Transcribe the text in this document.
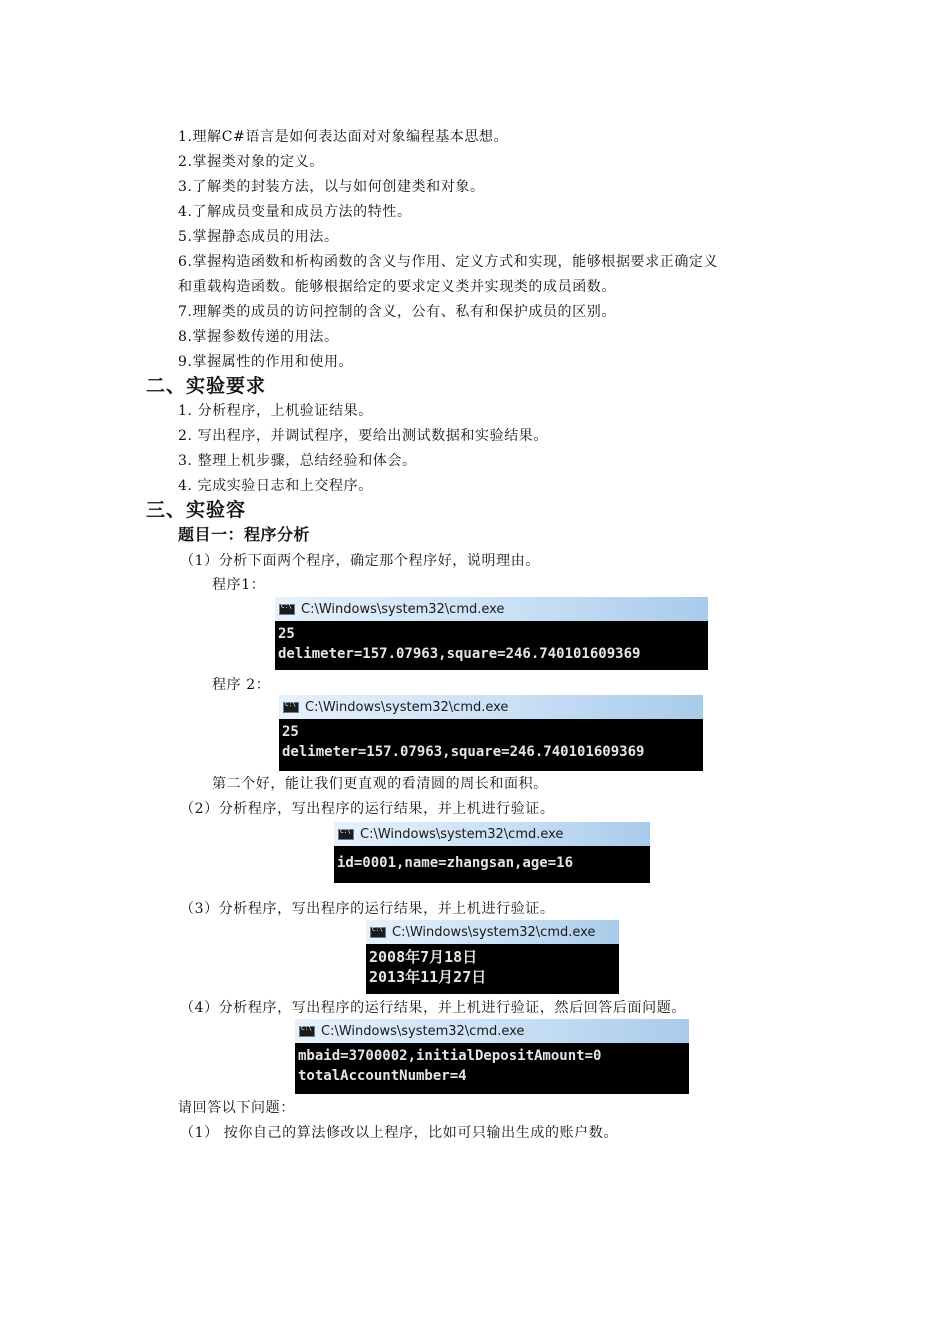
1.理解C#语言是如何表达面对对象编程基本思想。
2.掌握类对象的定义。
3.了解类的封装方法，以与如何创建类和对象。
4.了解成员变量和成员方法的特性。
5.掌握静态成员的用法。
6.掌握构造函数和析构函数的含义与作用、定义方式和实现，能够根据要求正确定义
和重载构造函数。能够根据给定的要求定义类并实现类的成员函数。
7.理解类的成员的访问控制的含义，公有、私有和保护成员的区别。
8.掌握参数传递的用法。
9.掌握属性的作用和使用。
二、实验要求
1. 分析程序，上机验证结果。
2. 写出程序，并调试程序，要给出测试数据和实验结果。
3. 整理上机步骤，总结经验和体会。
4. 完成实验日志和上交程序。
三、实验容
题目一：程序分析
（1）分析下面两个程序，确定那个程序好，说明理由。
程序1：
C:\
C:\Windows\system32\cmd.exe
25
delimeter=157.07963,square=246.740101609369
程序 2：
C:\
C:\Windows\system32\cmd.exe
25
delimeter=157.07963,square=246.740101609369
第二个好，能让我们更直观的看清圆的周长和面积。
（2）分析程序，写出程序的运行结果，并上机进行验证。
C:\
C:\Windows\system32\cmd.exe
id=0001,name=zhangsan,age=16
（3）分析程序，写出程序的运行结果，并上机进行验证。
C:\
C:\Windows\system32\cmd.exe
2008年7月18日
2013年11月27日
（4）分析程序，写出程序的运行结果，并上机进行验证，然后回答后面问题。
C:\
C:\Windows\system32\cmd.exe
mbaid=3700002,initialDepositAmount=0
totalAccountNumber=4
请回答以下问题：
（1） 按你自己的算法修改以上程序，比如可只输出生成的账户数。
